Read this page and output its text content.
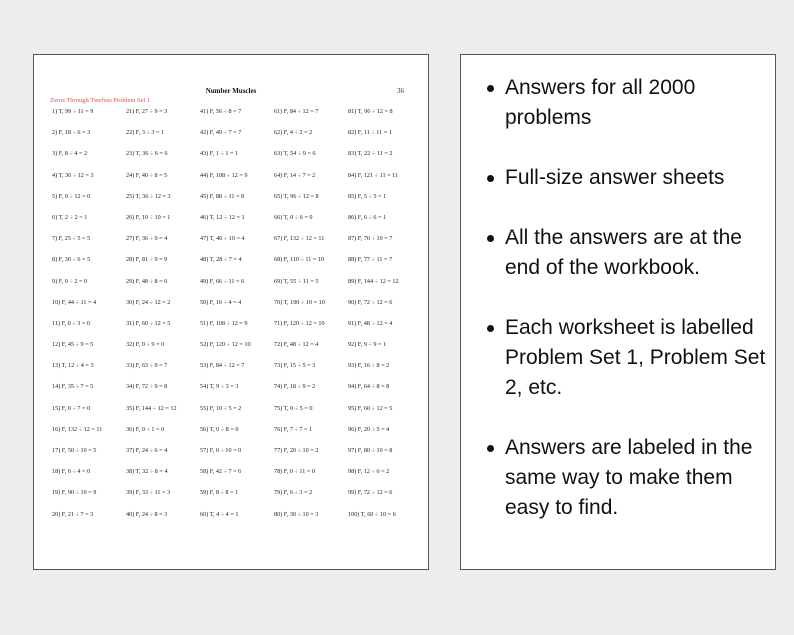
Number Muscles	36
Zeros Through Twelves Problem Set 1
1) T, 99 ÷ 11 = 9	21) F, 27 ÷ 9 = 3	41) F, 56 ÷ 8 = 7	61) F, 84 ÷ 12 = 7	81) T, 96 ÷ 12 = 8
2) F, 18 ÷ 6 = 3	22) F, 3 ÷ 3 = 1	42) F, 49 ÷ 7 = 7	62) F, 4 ÷ 2 = 2	82) F, 11 ÷ 11 = 1
3) F, 8 ÷ 4 = 2	23) T, 36 ÷ 6 = 6	43) F, 1 ÷ 1 = 1	63) T, 54 ÷ 9 = 6	83) T, 22 ÷ 11 = 2
4) T, 36 ÷ 12 = 3	24) F, 40 ÷ 8 = 5	44) F, 108 ÷ 12 = 9	64) F, 14 ÷ 7 = 2	84) F, 121 ÷ 11 = 11
5) F, 0 ÷ 12 = 0	25) T, 36 ÷ 12 = 3	45) F, 88 ÷ 11 = 8	65) T, 96 ÷ 12 = 8	85) F, 5 ÷ 5 = 1
6) T, 2 ÷ 2 = 1	26) F, 10 ÷ 10 = 1	46) T, 12 ÷ 12 = 1	66) T, 0 ÷ 6 = 0	86) F, 6 ÷ 6 = 1
7) F, 25 ÷ 5 = 5	27) F, 36 ÷ 9 = 4	47) T, 40 ÷ 10 = 4	67) F, 132 ÷ 12 = 11	87) F, 70 ÷ 10 = 7
8) F, 30 ÷ 6 = 5	28) F, 81 ÷ 9 = 9	48) T, 28 ÷ 7 = 4	68) F, 110 ÷ 11 = 10	88) F, 77 ÷ 11 = 7
9) F, 0 ÷ 2 = 0	29) F, 48 ÷ 8 = 6	49) F, 66 ÷ 11 = 6	69) T, 55 ÷ 11 = 5	89) F, 144 ÷ 12 = 12
10) F, 44 ÷ 11 = 4	30) F, 24 ÷ 12 = 2	50) F, 16 ÷ 4 = 4	70) T, 100 ÷ 10 = 10	90) F, 72 ÷ 12 = 6
11) F, 0 ÷ 3 = 0	31) F, 60 ÷ 12 = 5	51) F, 108 ÷ 12 = 9	71) F, 120 ÷ 12 = 10	91) F, 48 ÷ 12 = 4
12) F, 45 ÷ 9 = 5	32) F, 0 ÷ 9 = 0	52) F, 120 ÷ 12 = 10	72) F, 48 ÷ 12 = 4	92) F, 9 ÷ 9 = 1
13) T, 12 ÷ 4 = 3	33) F, 63 ÷ 9 = 7	53) F, 84 ÷ 12 = 7	73) F, 15 ÷ 5 = 3	93) F, 16 ÷ 8 = 2
14) F, 35 ÷ 7 = 5	34) F, 72 ÷ 9 = 8	54) T, 9 ÷ 3 = 3	74) F, 18 ÷ 9 = 2	94) F, 64 ÷ 8 = 8
15) F, 0 ÷ 7 = 0	35) F, 144 ÷ 12 = 12	55) F, 10 ÷ 5 = 2	75) T, 0 ÷ 5 = 0	95) F, 60 ÷ 12 = 5
16) F, 132 ÷ 12 = 11	36) F, 0 ÷ 1 = 0	56) T, 0 ÷ 8 = 0	76) F, 7 ÷ 7 = 1	96) F, 20 ÷ 5 = 4
17) F, 50 ÷ 10 = 5	37) F, 24 ÷ 6 = 4	57) F, 0 ÷ 10 = 0	77) F, 20 ÷ 10 = 2	97) F, 80 ÷ 10 = 8
18) F, 0 ÷ 4 = 0	38) T, 32 ÷ 8 = 4	58) F, 42 ÷ 7 = 6	78) F, 0 ÷ 11 = 0	98) F, 12 ÷ 6 = 2
19) F, 90 ÷ 10 = 9	39) F, 33 ÷ 11 = 3	59) F, 8 ÷ 8 = 1	79) F, 6 ÷ 3 = 2	99) F, 72 ÷ 12 = 6
20) F, 21 ÷ 7 = 3	40) F, 24 ÷ 8 = 3	60) T, 4 ÷ 4 = 1	80) F, 30 ÷ 10 = 3	100) T, 60 ÷ 10 = 6
Answers for all 2000 problems
Full-size answer sheets
All the answers are at the end of the workbook.
Each worksheet is labelled Problem Set 1, Problem Set 2, etc.
Answers are labeled in the same way to make them easy to find.
